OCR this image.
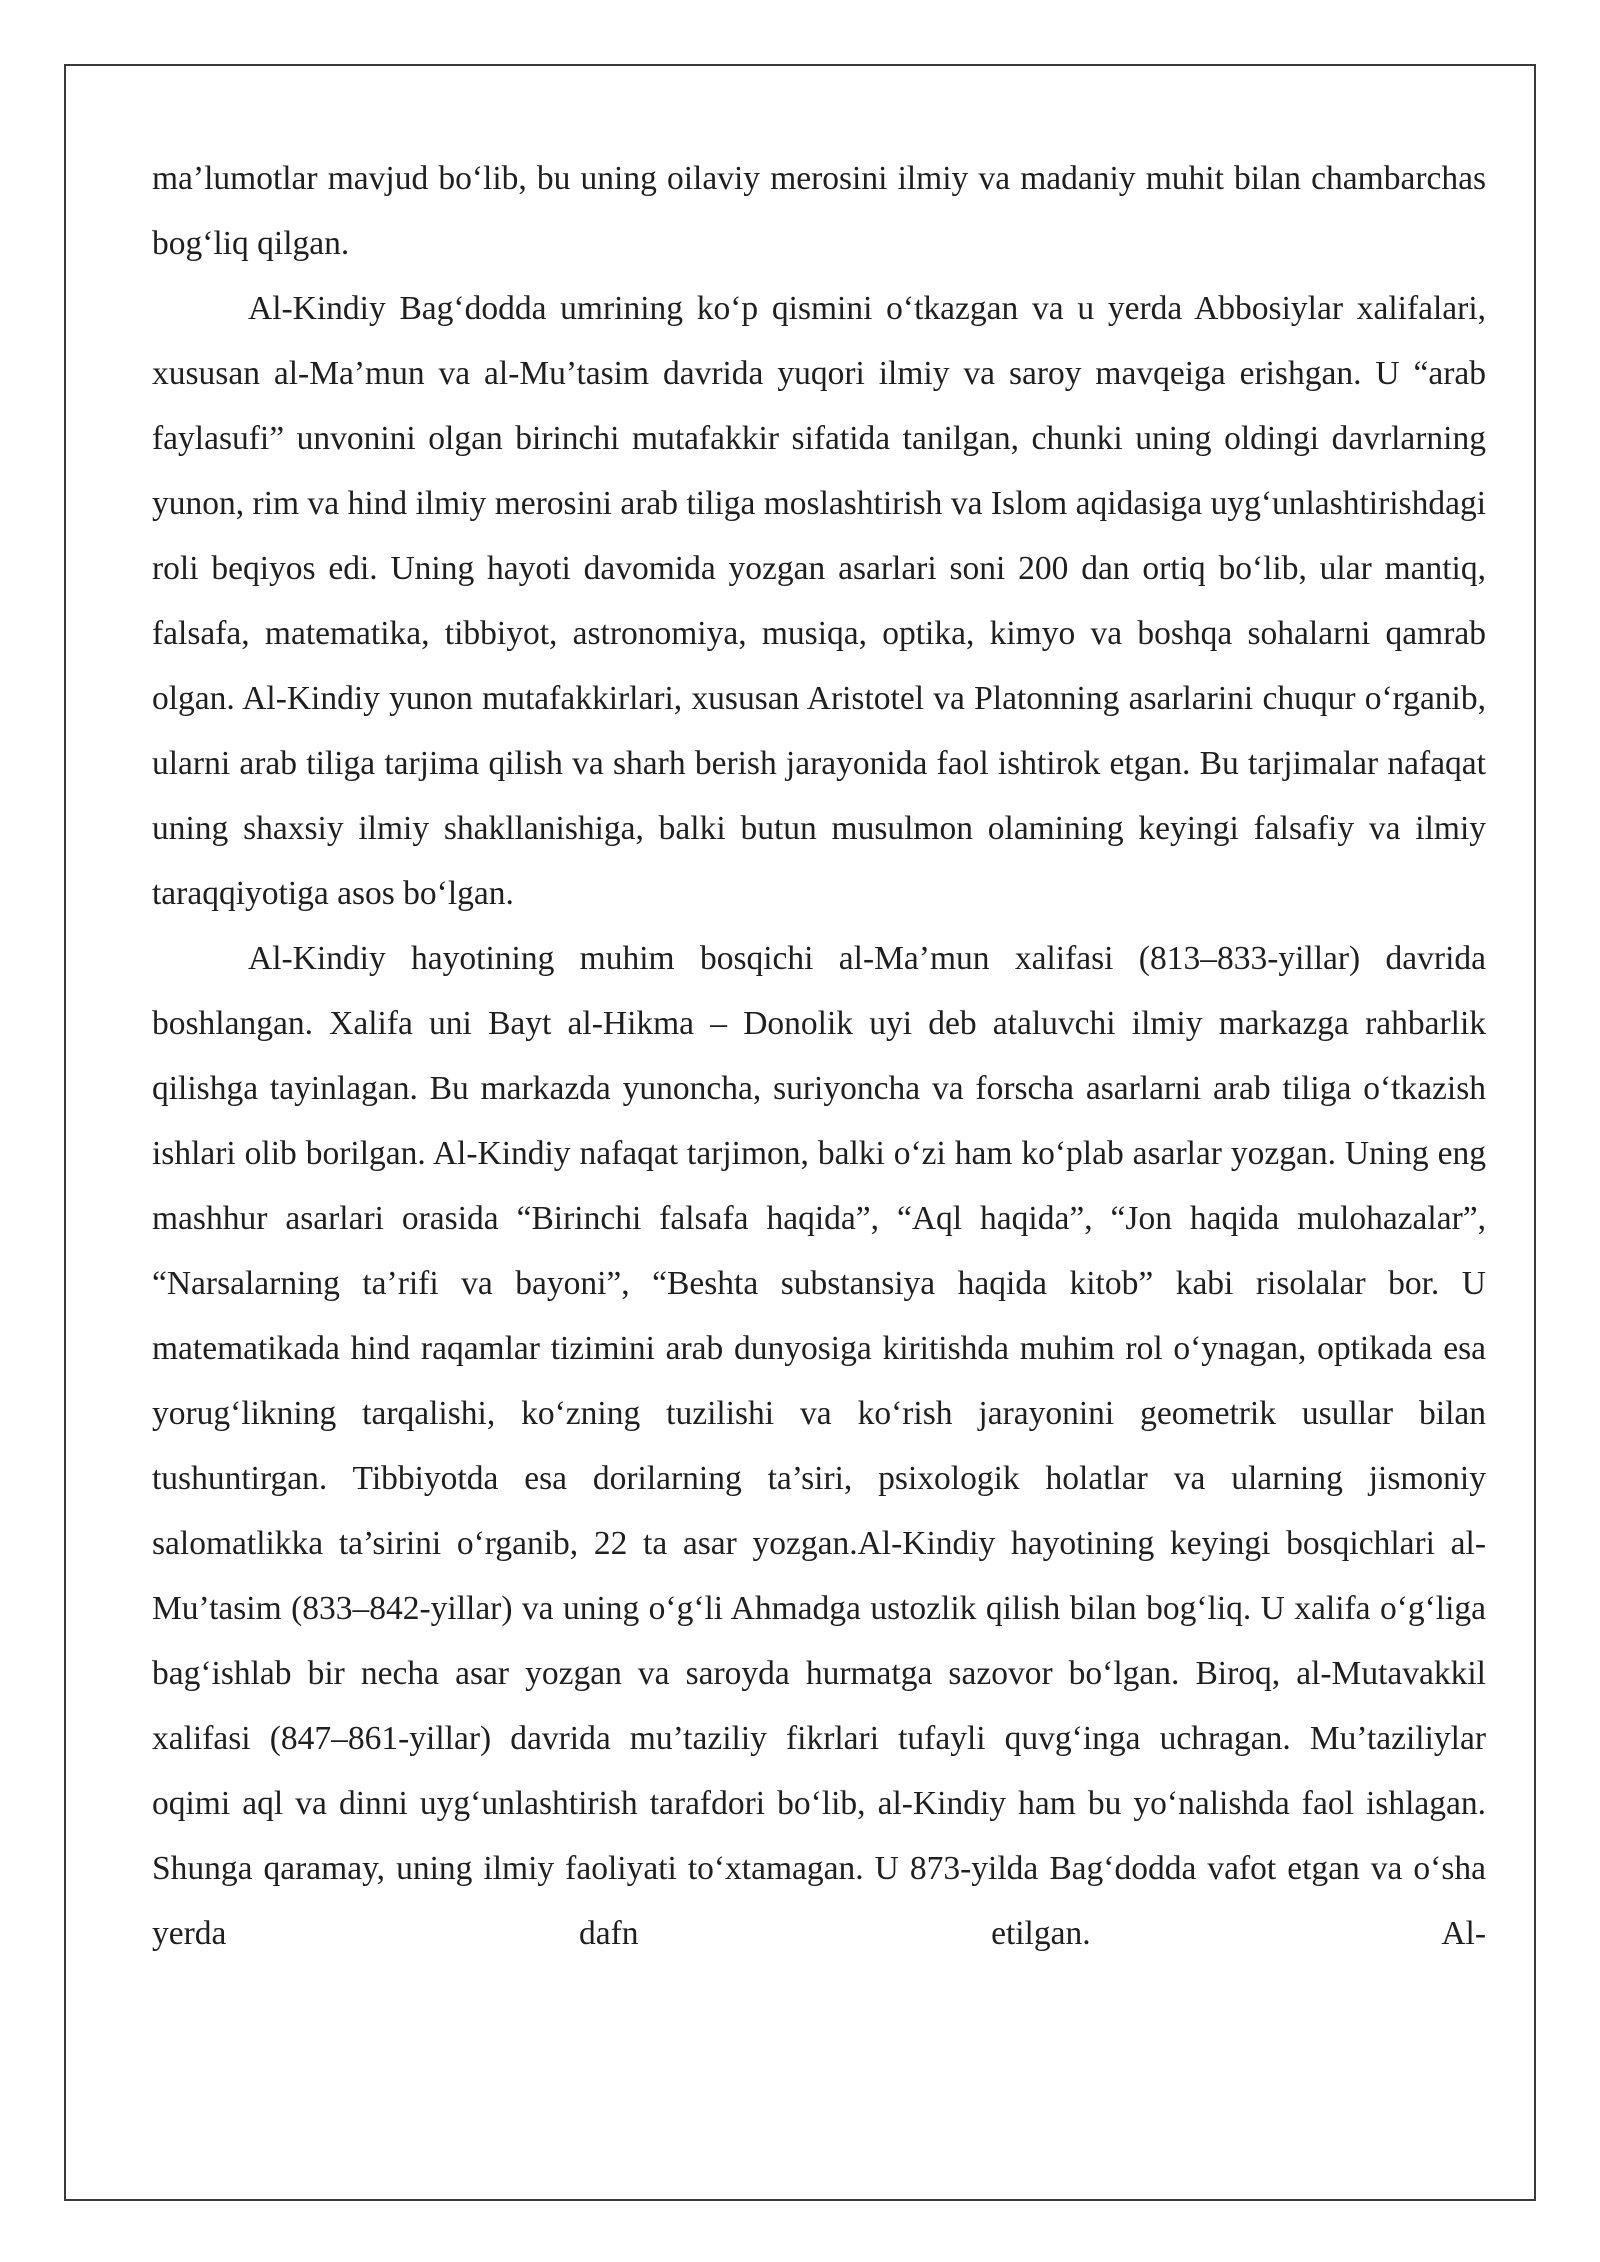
ma’lumotlar mavjud bo‘lib, bu uning oilaviy merosini ilmiy va madaniy muhit bilan chambarchas bog‘liq qilgan.

Al-Kindiy Bag‘dodda umrining ko‘p qismini o‘tkazgan va u yerda Abbosiylar xalifalari, xususan al-Ma’mun va al-Mu’tasim davrida yuqori ilmiy va saroy mavqeiga erishgan. U “arab faylasufi” unvonini olgan birinchi mutafakkir sifatida tanilgan, chunki uning oldingi davrlarning yunon, rim va hind ilmiy merosini arab tiliga moslashtirish va Islom aqidasiga uyg‘unlashtirishdagi roli beqiyos edi. Uning hayoti davomida yozgan asarlari soni 200 dan ortiq bo‘lib, ular mantiq, falsafa, matematika, tibbiyot, astronomiya, musiqa, optika, kimyo va boshqa sohalarni qamrab olgan. Al-Kindiy yunon mutafakkirlari, xususan Aristotel va Platonning asarlarini chuqur o‘rganib, ularni arab tiliga tarjima qilish va sharh berish jarayonida faol ishtirok etgan. Bu tarjimalar nafaqat uning shaxsiy ilmiy shakllanishiga, balki butun musulmon olamining keyingi falsafiy va ilmiy taraqqiyotiga asos bo‘lgan.

Al-Kindiy hayotining muhim bosqichi al-Ma’mun xalifasi (813–833-yillar) davrida boshlangan. Xalifa uni Bayt al-Hikma – Donolik uyi deb ataluvchi ilmiy markazga rahbarlik qilishga tayinlagan. Bu markazda yunoncha, suriyoncha va forscha asarlarni arab tiliga o‘tkazish ishlari olib borilgan. Al-Kindiy nafaqat tarjimon, balki o‘zi ham ko‘plab asarlar yozgan. Uning eng mashhur asarlari orasida “Birinchi falsafa haqida”, “Aql haqida”, “Jon haqida mulohazalar”, “Narsalarning ta’rifi va bayoni”, “Beshta substansiya haqida kitob” kabi risolalar bor. U matematikada hind raqamlar tizimini arab dunyosiga kiritishda muhim rol o‘ynagan, optikada esa yorug‘likning tarqalishi, ko‘zning tuzilishi va ko‘rish jarayonini geometrik usullar bilan tushuntirgan. Tibbiyotda esa dorilarning ta’siri, psixologik holatlar va ularning jismoniy salomatlikka ta’sirini o‘rganib, 22 ta asar yozgan.Al-Kindiy hayotining keyingi bosqichlari al-Mu’tasim (833–842-yillar) va uning o‘g‘li Ahmadga ustozlik qilish bilan bog‘liq. U xalifa o‘g‘liga bag‘ishlab bir necha asar yozgan va saroyda hurmatga sazovor bo‘lgan. Biroq, al-Mutavakkil xalifasi (847–861-yillar) davrida mu’taziliy fikrlari tufayli quvg‘inga uchragan. Mu’taziliylar oqimi aql va dinni uyg‘unlashtirish tarafdori bo‘lib, al-Kindiy ham bu yo‘nalishda faol ishlagan. Shunga qaramay, uning ilmiy faoliyati to‘xtamagan. U 873-yilda Bag‘dodda vafot etgan va o‘sha yerda dafn etilgan. Al-
